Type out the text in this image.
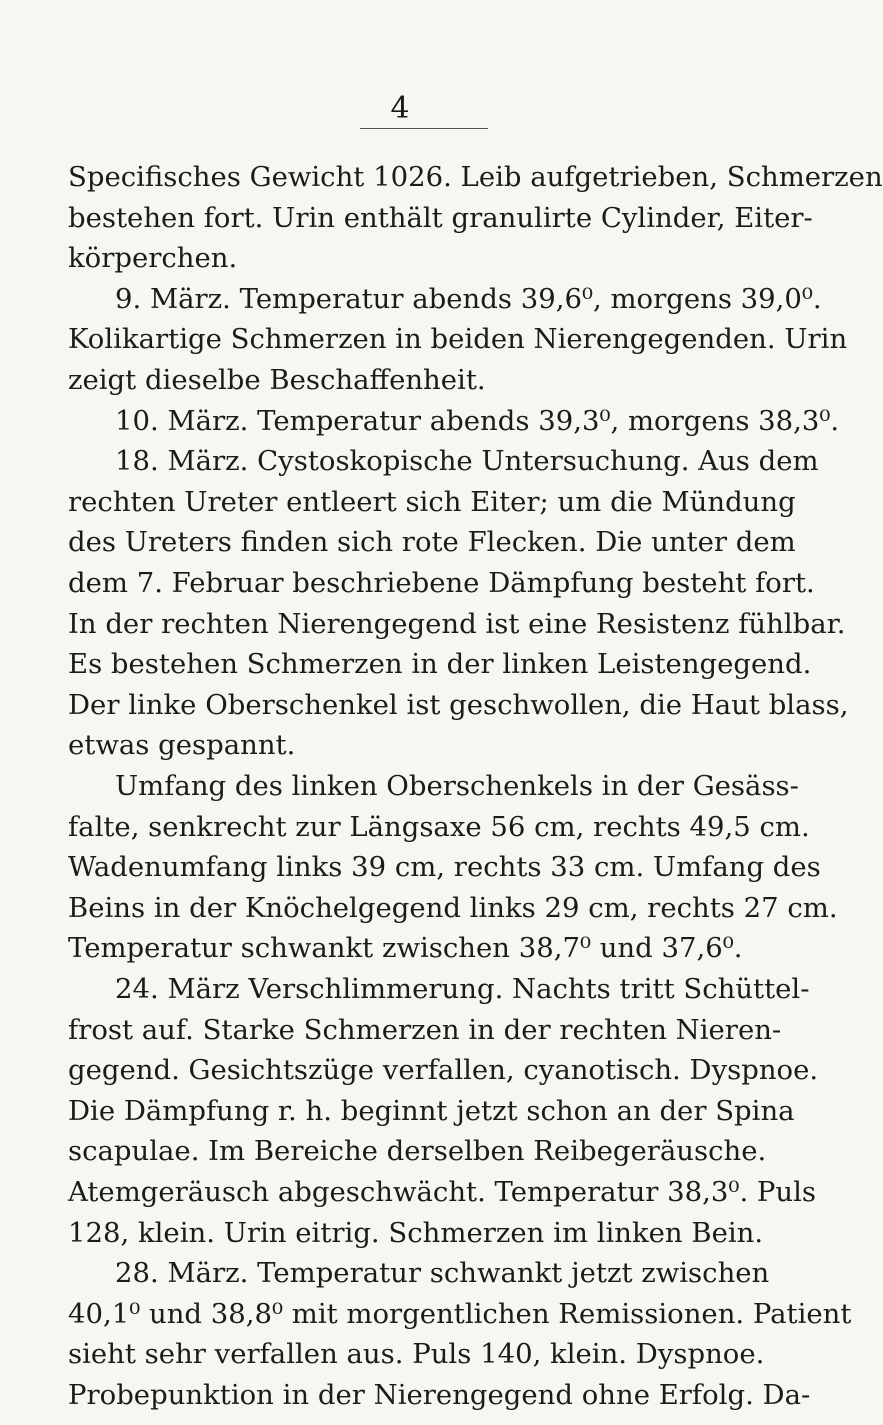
4
Specifisches Gewicht 1026. Leib aufgetrieben, Schmerzen
bestehen fort. Urin enthält granulirte Cylinder, Eiter-
körperchen.
9. März. Temperatur abends 39,6⁰, morgens 39,0⁰.
Kolikartige Schmerzen in beiden Nierengegenden. Urin
zeigt dieselbe Beschaffenheit.
10. März. Temperatur abends 39,3⁰, morgens 38,3⁰.
18. März. Cystoskopische Untersuchung. Aus dem
rechten Ureter entleert sich Eiter; um die Mündung
des Ureters finden sich rote Flecken. Die unter dem
dem 7. Februar beschriebene Dämpfung besteht fort.
In der rechten Nierengegend ist eine Resistenz fühlbar.
Es bestehen Schmerzen in der linken Leistengegend.
Der linke Oberschenkel ist geschwollen, die Haut blass,
etwas gespannt.
Umfang des linken Oberschenkels in der Gesäss-
falte, senkrecht zur Längsaxe 56 cm, rechts 49,5 cm.
Wadenumfang links 39 cm, rechts 33 cm. Umfang des
Beins in der Knöchelgegend links 29 cm, rechts 27 cm.
Temperatur schwankt zwischen 38,7⁰ und 37,6⁰.
24. März Verschlimmerung. Nachts tritt Schüttel-
frost auf. Starke Schmerzen in der rechten Nieren-
gegend. Gesichtszüge verfallen, cyanotisch. Dyspnoe.
Die Dämpfung r. h. beginnt jetzt schon an der Spina
scapulae. Im Bereiche derselben Reibegeräusche.
Atemgeräusch abgeschwächt. Temperatur 38,3⁰. Puls
128, klein. Urin eitrig. Schmerzen im linken Bein.
28. März. Temperatur schwankt jetzt zwischen
40,1⁰ und 38,8⁰ mit morgentlichen Remissionen. Patient
sieht sehr verfallen aus. Puls 140, klein. Dyspnoe.
Probepunktion in der Nierengegend ohne Erfolg. Da-
